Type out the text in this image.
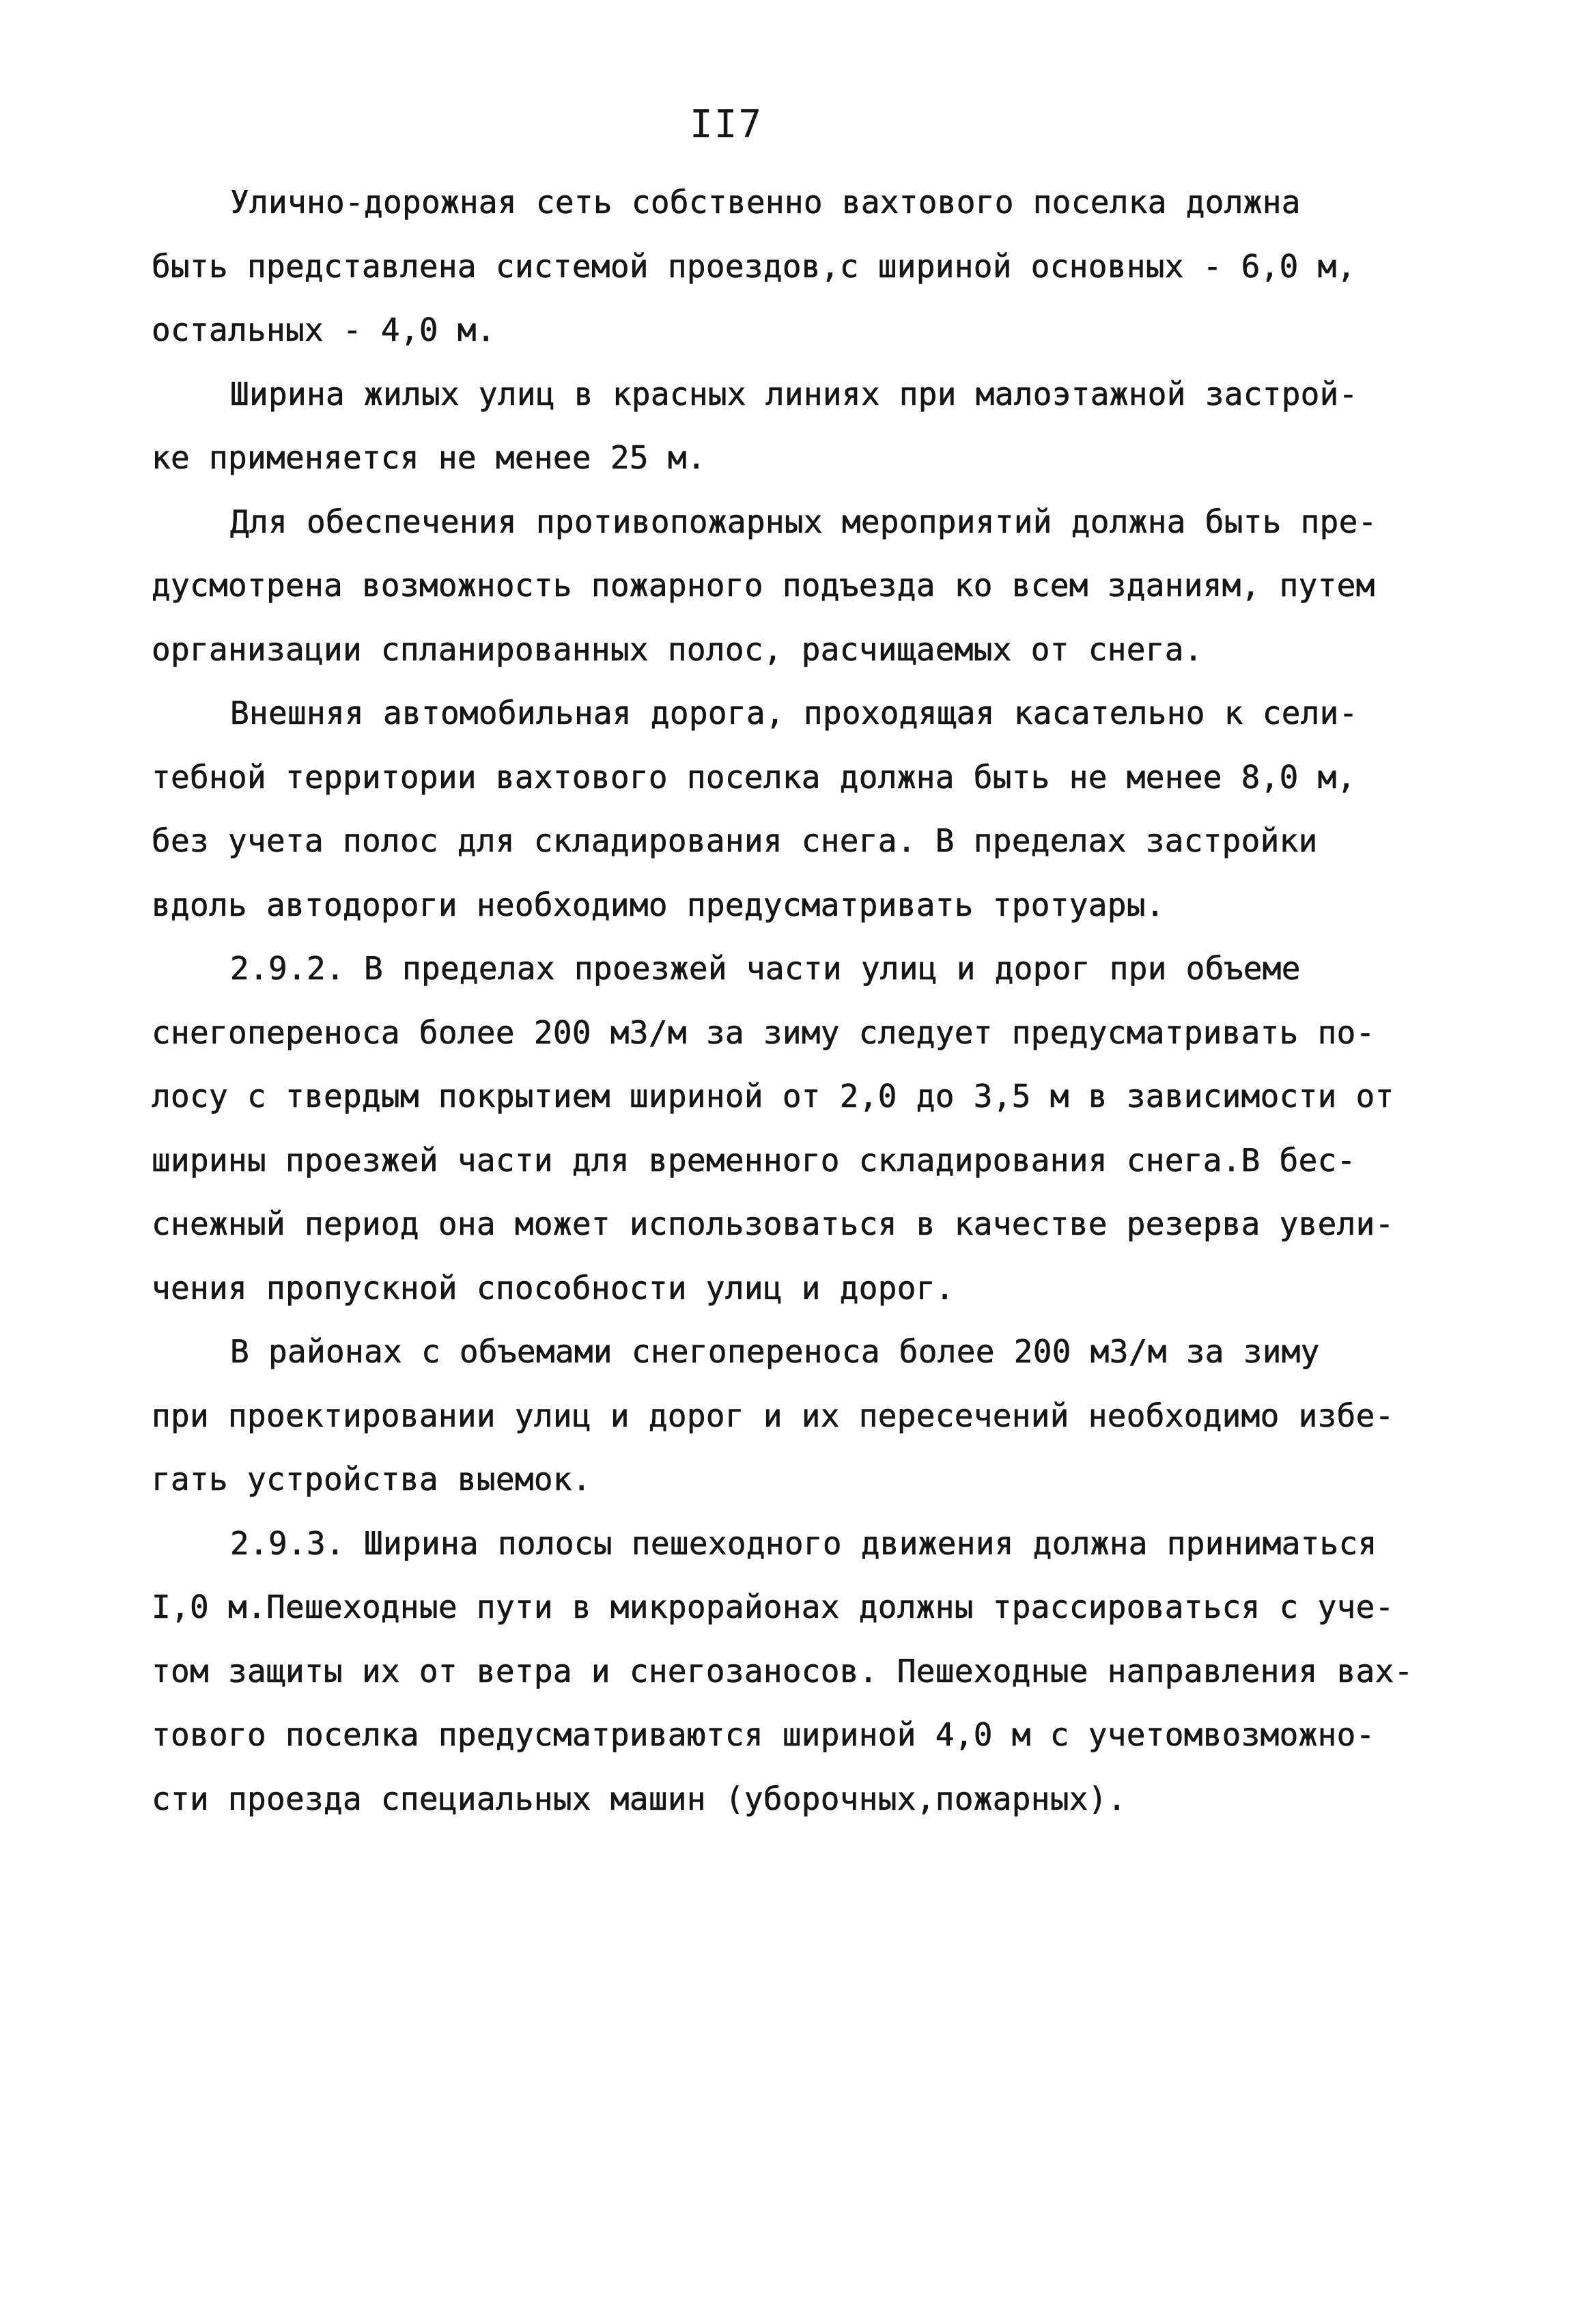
II7
Улично-дорожная сеть собственно вахтового поселка должна
быть представлена системой проездов,с шириной основных - 6,0 м,
остальных - 4,0 м.
Ширина жилых улиц в красных линиях при малоэтажной застрой-
ке применяется не менее 25 м.
Для обеспечения противопожарных мероприятий должна быть пре-
дусмотрена возможность пожарного подъезда ко всем зданиям, путем
организации спланированных полос, расчищаемых от снега.
Внешняя автомобильная дорога, проходящая касательно к сели-
тебной территории вахтового поселка должна быть не менее 8,0 м,
без учета полос для складирования снега. В пределах застройки
вдоль автодороги необходимо предусматривать тротуары.
2.9.2. В пределах проезжей части улиц и дорог при объеме
снегопереноса более 200 м3/м за зиму следует предусматривать по-
лосу с твердым покрытием шириной от 2,0 до 3,5 м в зависимости от
ширины проезжей части для временного складирования снега.В бес-
снежный период она может использоваться в качестве резерва увели-
чения пропускной способности улиц и дорог.
В районах с объемами снегопереноса более 200 м3/м за зиму
при проектировании улиц и дорог и их пересечений необходимо избе-
гать устройства выемок.
2.9.3. Ширина полосы пешеходного движения должна приниматься
I,0 м.Пешеходные пути в микрорайонах должны трассироваться с уче-
том защиты их от ветра и снегозаносов. Пешеходные направления вах-
тового поселка предусматриваются шириной 4,0 м с учетомвозможно-
сти проезда специальных машин (уборочных,пожарных).
